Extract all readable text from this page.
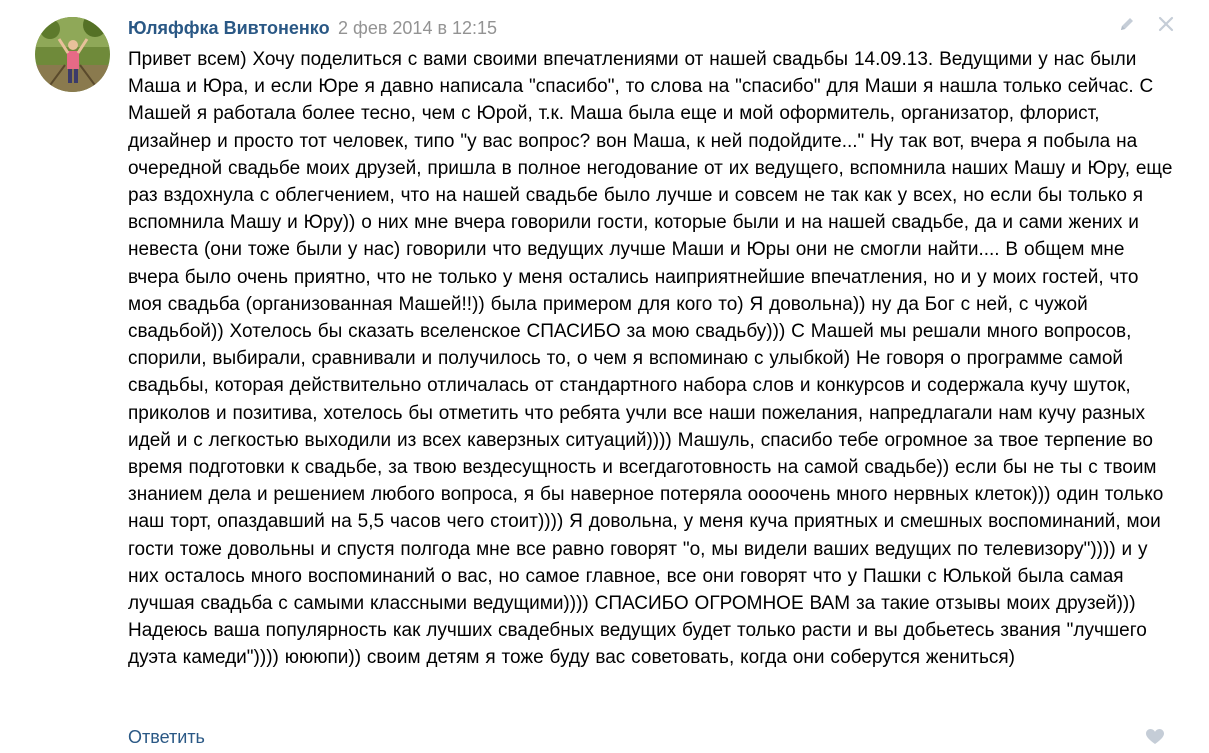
Юляффка Вивтоненко 2 фев 2014 в 12:15

Привет всем) Хочу поделиться с вами своими впечатлениями от нашей свадьбы 14.09.13. Ведущими у нас были Маша и Юра, и если Юре я давно написала "спасибо", то слова на "спасибо" для Маши я нашла только сейчас. С Машей я работала более тесно, чем с Юрой, т.к. Маша была еще и мой оформитель, организатор, флорист, дизайнер и просто тот человек, типо "у вас вопрос? вон Маша, к ней подойдите..." Ну так вот, вчера я побыла на очередной свадьбе моих друзей, пришла в полное негодование от их ведущего, вспомнила наших Машу и Юру, еще раз вздохнула с облегчением, что на нашей свадьбе было лучше и совсем не так как у всех, но если бы только я вспомнила Машу и Юру)) о них мне вчера говорили гости, которые были и на нашей свадьбе, да и сами жених и невеста (они тоже были у нас) говорили что ведущих лучше Маши и Юры они не смогли найти.... В общем мне вчера было очень приятно, что не только у меня остались наиприятнейшие впечатления, но и у моих гостей, что моя свадьба (организованная Машей!!)) была примером для кого то) Я довольна)) ну да Бог с ней, с чужой свадьбой)) Хотелось бы сказать вселенское СПАСИБО за мою свадьбу))) С Машей мы решали много вопросов, спорили, выбирали, сравнивали и получилось то, о чем я вспоминаю с улыбкой) Не говоря о программе самой свадьбы, которая действительно отличалась от стандартного набора слов и конкурсов и содержала кучу шуток, приколов и позитива, хотелось бы отметить что ребята учли все наши пожелания, напредлагали нам кучу разных идей и с легкостью выходили из всех каверзных ситуаций)))) Машуль, спасибо тебе огромное за твое терпение во время подготовки к свадьбе, за твою вездесущность и всегдаготовность на самой свадьбе)) если бы не ты с твоим знанием дела и решением любого вопроса, я бы наверное потеряла оооочень много нервных клеток))) один только наш торт, опаздавший на 5,5 часов чего стоит)))) Я довольна, у меня куча приятных и смешных воспоминаний, мои гости тоже довольны и спустя полгода мне все равно говорят "о, мы видели ваших ведущих по телевизору")))) и у них осталось много воспоминаний о вас, но самое главное, все они говорят что у Пашки с Юлькой была самая лучшая свадьба с самыми классными ведущими)))) СПАСИБО ОГРОМНОЕ ВАМ за такие отзывы моих друзей))) Надеюсь ваша популярность как лучших свадебных ведущих будет только расти и вы добьетесь звания "лучшего дуэта камеди")))) юююпи)) своим детям я тоже буду вас советовать, когда они соберутся жениться)
Ответить
